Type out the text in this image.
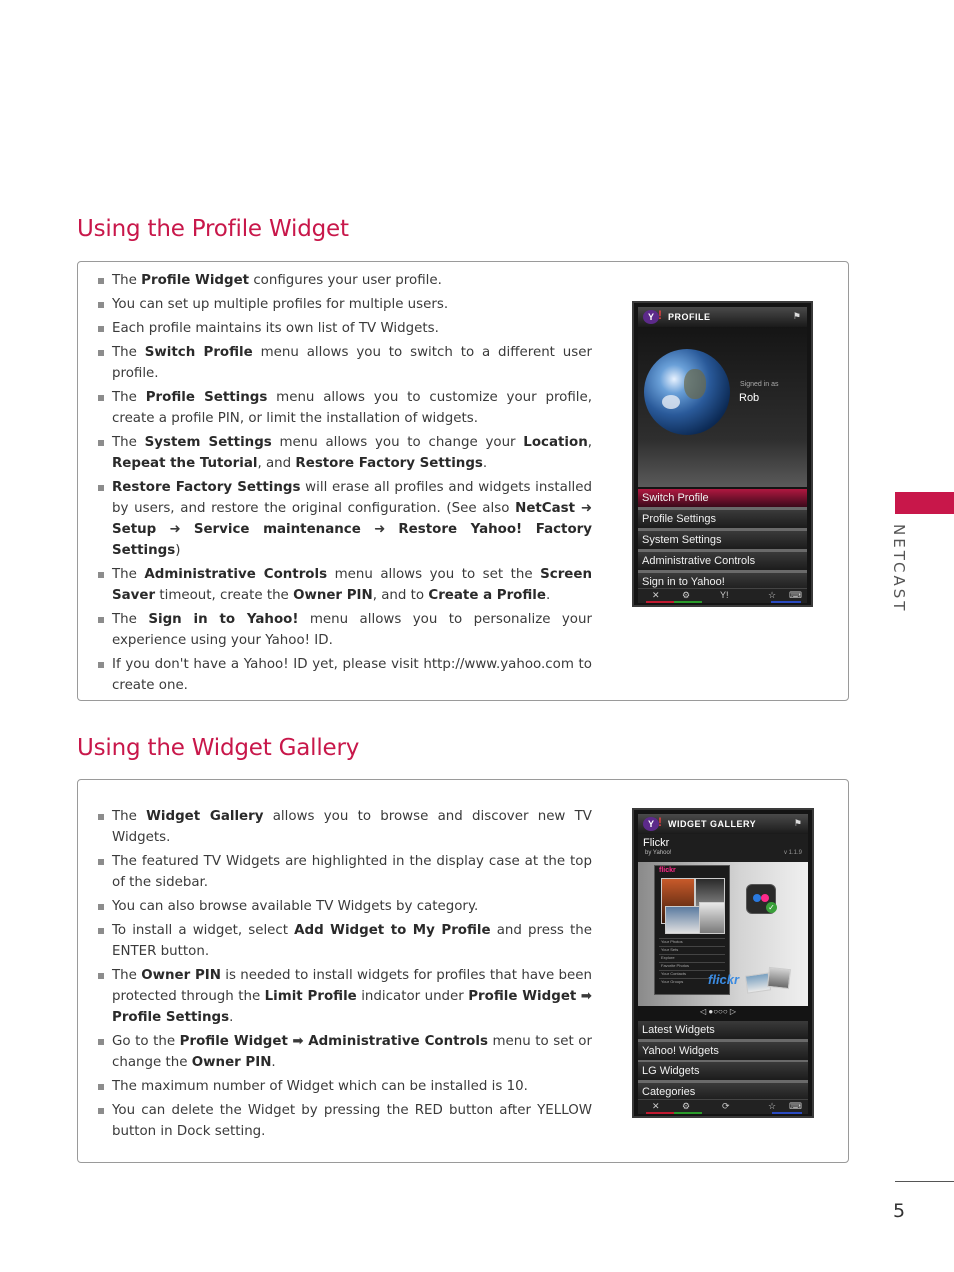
Using the Profile Widget
The Profile Widget configures your user profile.
You can set up multiple profiles for multiple users.
Each profile maintains its own list of TV Widgets.
The Switch Profile menu allows you to switch to a different user profile.
The Profile Settings menu allows you to customize your profile, create a profile PIN, or limit the installation of widgets.
The System Settings menu allows you to change your Location, Repeat the Tutorial, and Restore Factory Settings.
Restore Factory Settings will erase all profiles and widgets installed by users, and restore the original configuration. (See also NetCast ➜ Setup ➜ Service maintenance ➜ Restore Yahoo! Factory Settings)
The Administrative Controls menu allows you to set the Screen Saver timeout, create the Owner PIN, and to Create a Profile.
The Sign in to Yahoo! menu allows you to personalize your experience using your Yahoo! ID.
If you don't have a Yahoo! ID yet, please visit http://www.yahoo.com to create one.
Y ! PROFILE	⚑
Signed in as
Rob
Switch Profile
Profile Settings
System Settings
Administrative Controls
Sign in to Yahoo!
✕ ⚙	Y!	☆ ⌨
Using the Widget Gallery
The Widget Gallery allows you to browse and discover new TV Widgets.
The featured TV Widgets are highlighted in the display case at the top of the sidebar.
You can also browse available TV Widgets by category.
To install a widget, select Add Widget to My Profile and press the ENTER button.
The Owner PIN is needed to install widgets for profiles that have been protected through the Limit Profile indicator under Profile Widget ➡ Profile Settings.
Go to the Profile Widget ➡ Administrative Controls menu to set or change the Owner PIN.
The maximum number of Widget which can be installed is 10.
You can delete the Widget by pressing the RED button after YELLOW button in Dock setting.
Y ! WIDGET GALLERY	⚑
Flickr
by Yahoo!	v 1.1.9
flickr
Your Photos
Your Sets
Explore
Favorite Photos
Your Contacts
Your Groups flickr
✓
◁ ●○○○ ▷
Latest Widgets
Yahoo! Widgets
LG Widgets
Categories
✕ ⚙	⟳	☆ ⌨
NETCAST
5
